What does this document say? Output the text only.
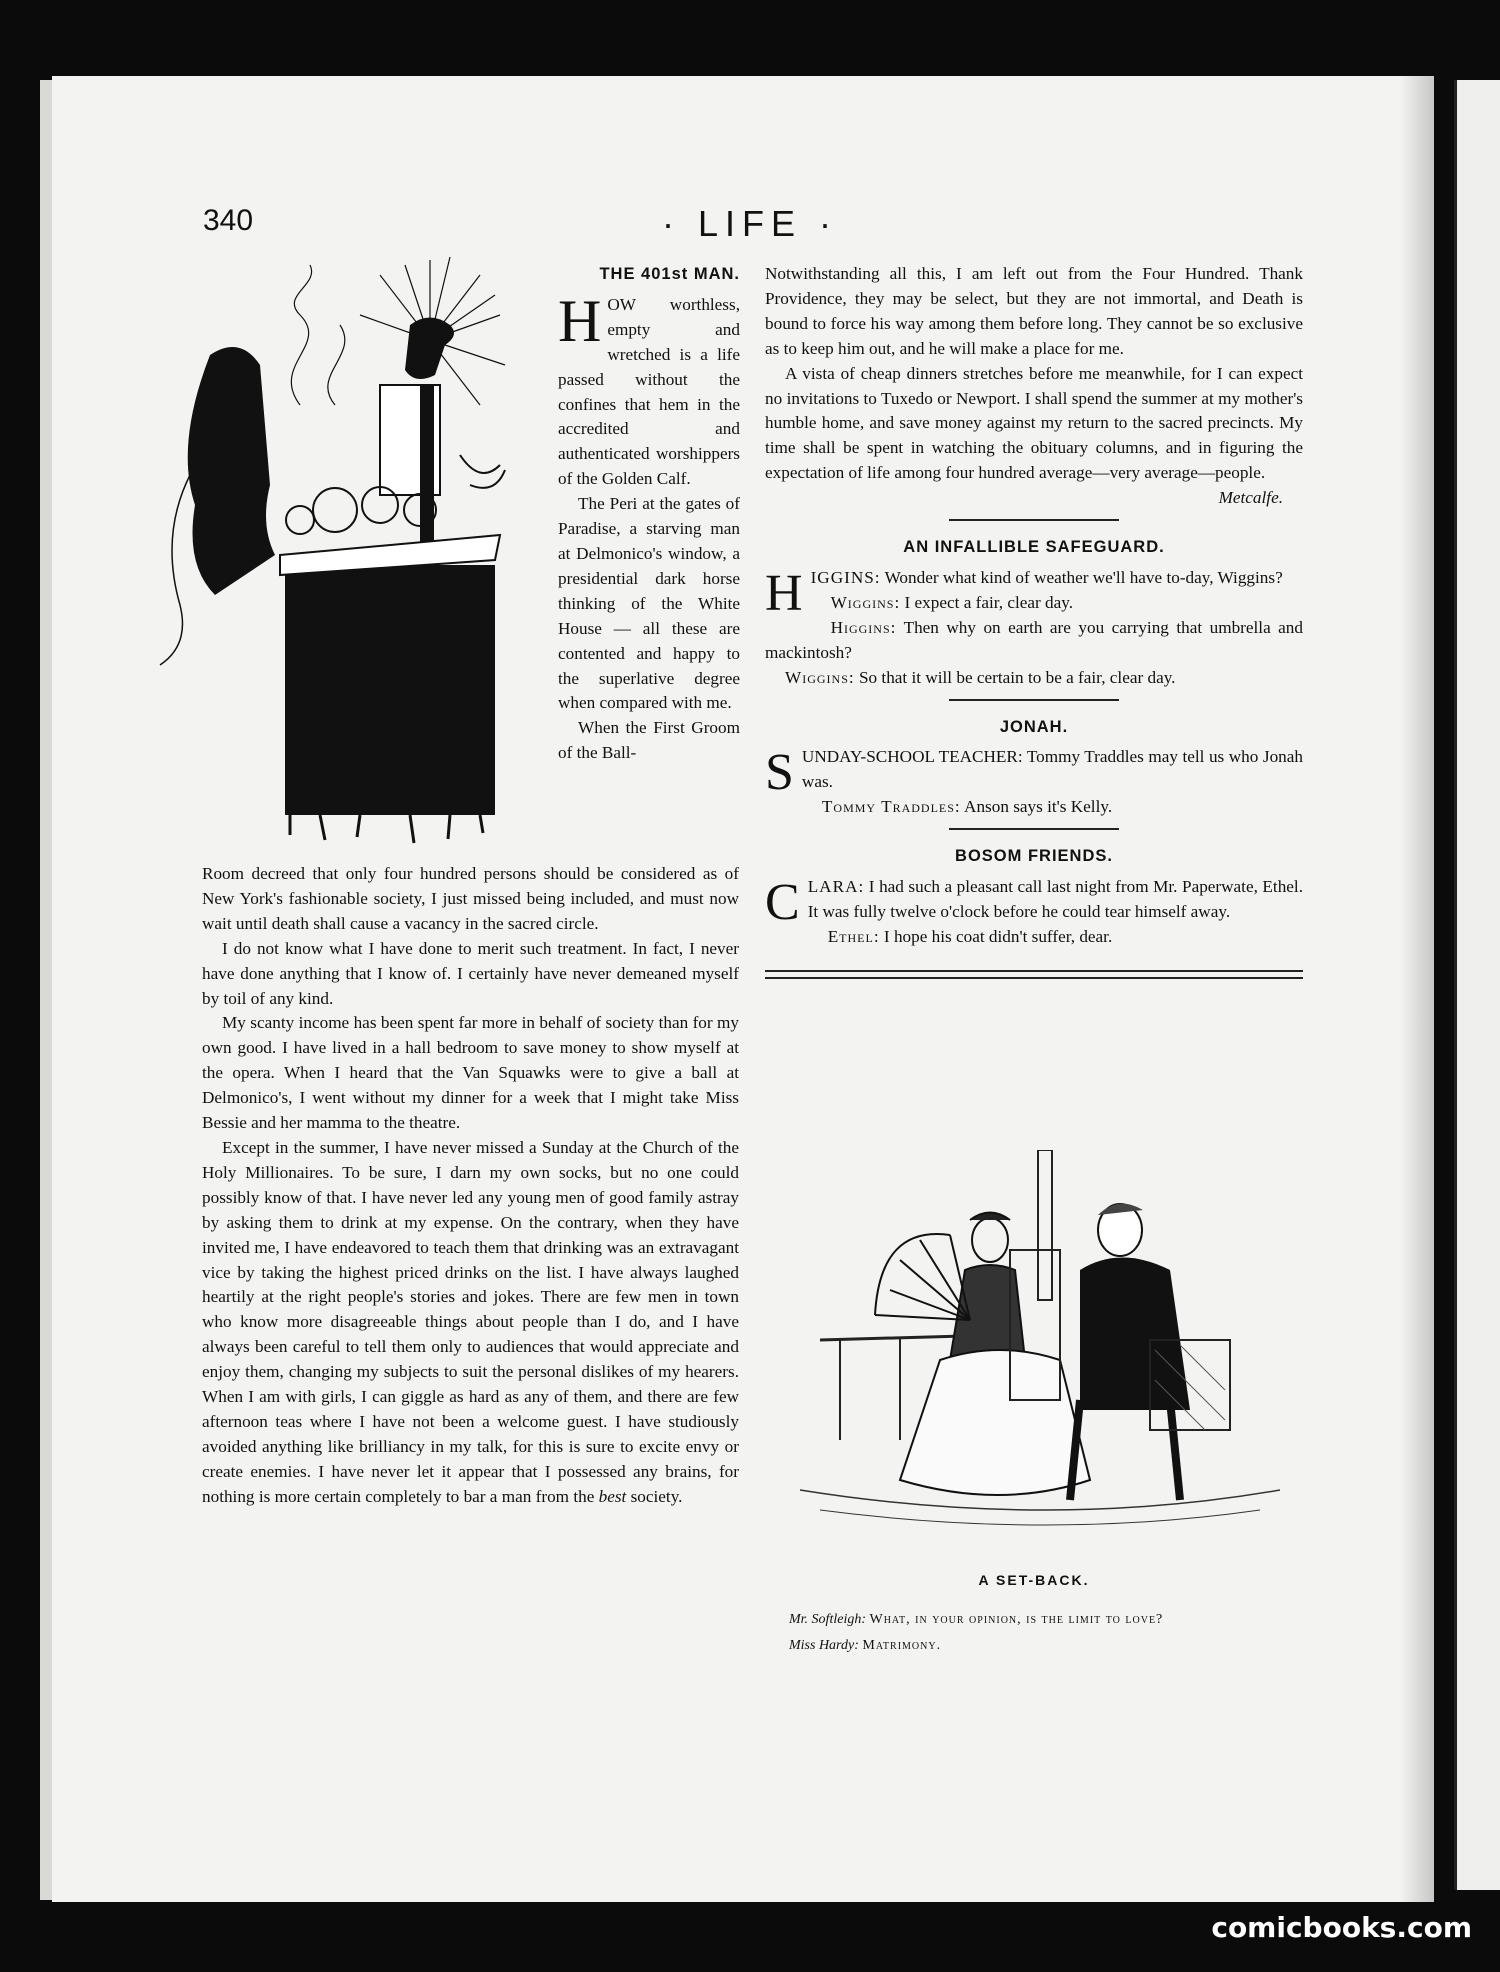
340	· LIFE ·
THE 401st MAN.

HOW worthless, empty and wretched is a life passed without the confines that hem in the accredited and authenticated worshippers of the Golden Calf.

The Peri at the gates of Paradise, a starving man at Delmonico's window, a presidential dark horse thinking of the White House — all these are contented and happy to the superlative degree when compared with me.

When the First Groom of the Ball-

Room decreed that only four hundred persons should be considered as of New York's fashionable society, I just missed being included, and must now wait until death shall cause a vacancy in the sacred circle.

I do not know what I have done to merit such treatment. In fact, I never have done anything that I know of. I certainly have never demeaned myself by toil of any kind.

My scanty income has been spent far more in behalf of society than for my own good. I have lived in a hall bedroom to save money to show myself at the opera. When I heard that the Van Squawks were to give a ball at Delmonico's, I went without my dinner for a week that I might take Miss Bessie and her mamma to the theatre.

Except in the summer, I have never missed a Sunday at the Church of the Holy Millionaires. To be sure, I darn my own socks, but no one could possibly know of that. I have never led any young men of good family astray by asking them to drink at my expense. On the contrary, when they have invited me, I have endeavored to teach them that drinking was an extravagant vice by taking the highest priced drinks on the list. I have always laughed heartily at the right people's stories and jokes. There are few men in town who know more disagreeable things about people than I do, and I have always been careful to tell them only to audiences that would appreciate and enjoy them, changing my subjects to suit the personal dislikes of my hearers. When I am with girls, I can giggle as hard as any of them, and there are few afternoon teas where I have not been a welcome guest. I have studiously avoided anything like brilliancy in my talk, for this is sure to excite envy or create enemies. I have never let it appear that I possessed any brains, for nothing is more certain completely to bar a man from the best society.

Notwithstanding all this, I am left out from the Four Hundred. Thank Providence, they may be select, but they are not immortal, and Death is bound to force his way among them before long. They cannot be so exclusive as to keep him out, and he will make a place for me.

A vista of cheap dinners stretches before me meanwhile, for I can expect no invitations to Tuxedo or Newport. I shall spend the summer at my mother's humble home, and save money against my return to the sacred precincts. My time shall be spent in watching the obituary columns, and in figuring the expectation of life among four hundred average—very average—people.

Metcalfe.
AN INFALLIBLE SAFEGUARD.

HIGGINS: Wonder what kind of weather we'll have to-day, Wiggins?

Wiggins: I expect a fair, clear day.

Higgins: Then why on earth are you carrying that umbrella and mackintosh?

Wiggins: So that it will be certain to be a fair, clear day.

JONAH.

SUNDAY-SCHOOL TEACHER: Tommy Traddles may tell us who Jonah was.

Tommy Traddles: Anson says it's Kelly.

BOSOM FRIENDS.

CLARA: I had such a pleasant call last night from Mr. Paperwate, Ethel. It was fully twelve o'clock before he could tear himself away.

Ethel: I hope his coat didn't suffer, dear.

A SET-BACK.
Mr. Softleigh: What, in your opinion, is the limit to love?
Miss Hardy: Matrimony.
comicbooks.com
